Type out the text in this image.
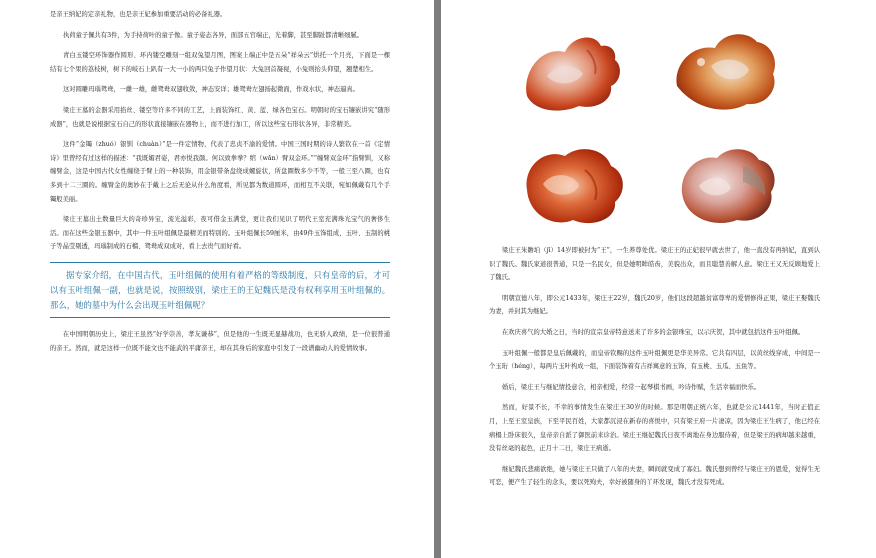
是亲王纳妃的定亲礼物，也是亲王妃参加重要活动的必备礼器。

执荷童子佩共有3件，为手持荷叶的童子像。童子姿态各异，面部五官端正，光着脚，甚至脚趾都清晰细腻。

青白玉镂空环饰器作圆形、环内镂空雕刻一组双兔望月图，图案上端正中是五朵“祥朵云”烘托一个月亮，下面是一棵结有七个果的荔枝树，树下的岐石上趴有一大一小的两只兔子作望月状：大兔回首凝视，小兔则抬头仰望，翘楚相生。

这对圆雕玛瑙鸳鸯，一雌一雄，雌鸳鸯双翅收敛，神态安详；雄鸳鸯左翅扬起微面，作戏水状，神态逼真。

梁庄王墓的金器采用掐丝、镂空等许多不同的工艺，上面装饰红、黄、蓝、绿各色宝石。明朝时的宝石镶嵌讲究“随形成器”，也就是说根据宝石自己的形状直接镶嵌在器物上，而不进行加工，所以这些宝石形状各异，非常精美。

这件“金镯（zhuó）银钏（chuàn）”是一件定情物，代表了忠贞不渝的爱情。中国三国时期的诗人繁钦在一首《定情诗》里曾经有过这样的描述：“我既媚君姿，君亦悦我颜。何以致拳拳？绾（wǎn）臂双金环。”“缠臂双金环”指臂钏，又称缠臂金，这是中国古代女性缠绕于臂上的一种装饰，用金银带条盘绕成螺旋状，所盘圈数多少不等，一般三至八圈，也有多到十二三圈的。缠臂金的奥妙在于戴上之后无论从什么角度看，所见都为数道圆环，而相互不关联，宛如佩戴有几个手镯般美丽。

梁庄王墓出土数量巨大的奇珍异宝，流光溢彩，夜可借金玉满堂，更让我们见识了明代王室充满珠光宝气的奢侈生活。而在这些金银玉器中，其中一件玉叶组佩是最精美而特别的。玉叶组佩长59厘米，由49件玉饰组成，玉叶、玉制的桃子等晶莹剔透，玛瑙制成的石榴、鸳鸯成双成对，看上去贵气而好看。

据专家介绍，在中国古代，玉叶组佩的使用有着严格的等级制度，只有皇帝的后，才可以有玉叶组佩一副，也就是说，按照级别，梁庄王的王妃魏氏是没有权利享用玉叶组佩的。那么，她的墓中为什么会出现玉叶组佩呢？

在中国明朝历史上，梁庄王虽然“好学崇善，孝友谦恭”，但是他的一生既无显赫战功，也无骄人政绩，是一位很普通的亲王。然而，就是这样一位既不能文也不能武的平庸亲王，却在其身后的家庭中引发了一段谱幽动人的爱情故事。

梁庄王朱瞻垍（jī）14岁即被封为“王”，一生养尊处优。梁庄王的正妃很早就去世了，他一直没有再纳妃，直到认识了魏氏。魏氏家道很普通，只是一名民女，但是她明眸皓齿，美貌出众，而且聪慧善解人意。梁庄王又无反顾地爱上了魏氏。

明朝宣德八年，即公元1433年，梁庄王22岁，魏氏20岁，他们这段超越贫富尊卑的爱情修得正果，梁庄王娶魏氏为妻，并封其为继妃。

在欢庆喜气的大婚之日，当时的宣宗皇帝特意送来了许多的金银珠宝，以示庆贺，其中就包括这件玉叶组佩。

玉叶组佩一般都是皇后佩戴的，而皇帝钦赐的这件玉叶组佩更是华美异常。它共有四层，以黄丝线穿成，中间是一个玉珩（héng），每两片玉叶构成一组，下面装饰着有吉祥寓意的玉饰，有玉桃、玉瓜、玉鱼等。

婚后，梁庄王与继妃情投意合，相亲相爱，经常一起琴棋书画，吟诗作赋，生活幸福而快乐。

然而，好景不长，不幸的事情发生在梁庄王30岁的时候。那是明朝正统六年，也就是公元1441年，当时正值正月，上至王室皇族，下至平民百姓，大家都沉浸在新春的喜悦中，只有梁王府一片凄凉，因为梁庄王生病了，他已经在病榻上卧床很久，皇帝亲自派了御医前来诊治。梁庄王继妃魏氏日夜不离地在身边服侍着，但是梁王的病却越来越重，没有丝毫的起色，正月十二日，梁庄王病逝。

继妃魏氏悲痛欲绝，她与梁庄王只做了八年的夫妻，瞬间就变成了寡妇。魏氏想到曾经与梁庄王的恩爱，觉得生无可恋，便产生了轻生的念头，要以死殉夫，幸好被随身的丫环发现，魏氏才没有死成。
